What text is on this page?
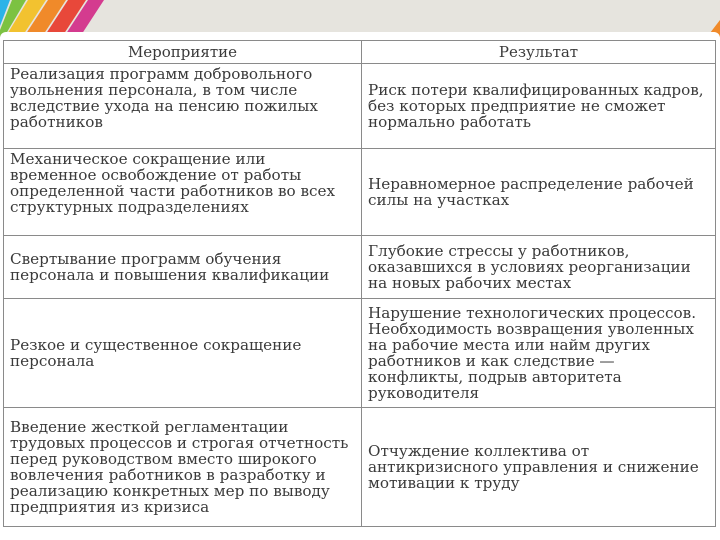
Мероприятие	Результат
Реализация программ добровольного увольнения персонала, в том числе вследствие ухода на пенсию пожилых работников	Риск потери квалифицированных кадров, без которых предприятие не сможет нормально работать
Механическое сокращение или временное освобождение от работы определенной части работников во всех структурных подразделениях	Неравномерное распределение рабочей силы на участках
Свертывание программ обучения персонала и повышения квалификации	Глубокие стрессы у работников, оказавшихся в условиях реорганизации на новых рабочих местах
Резкое и существенное сокращение персонала	Нарушение технологических процессов. Необходимость возвращения уволенных на рабочие места или найм других работников и как следствие — конфликты, подрыв авторитета руководителя
Введение жесткой регламентации трудовых процессов и строгая отчетность перед руководством вместо широкого вовлечения работников в разработку и реализацию конкретных мер по выводу предприятия из кризиса	Отчуждение коллектива от антикризисного управления и снижение мотивации к труду
